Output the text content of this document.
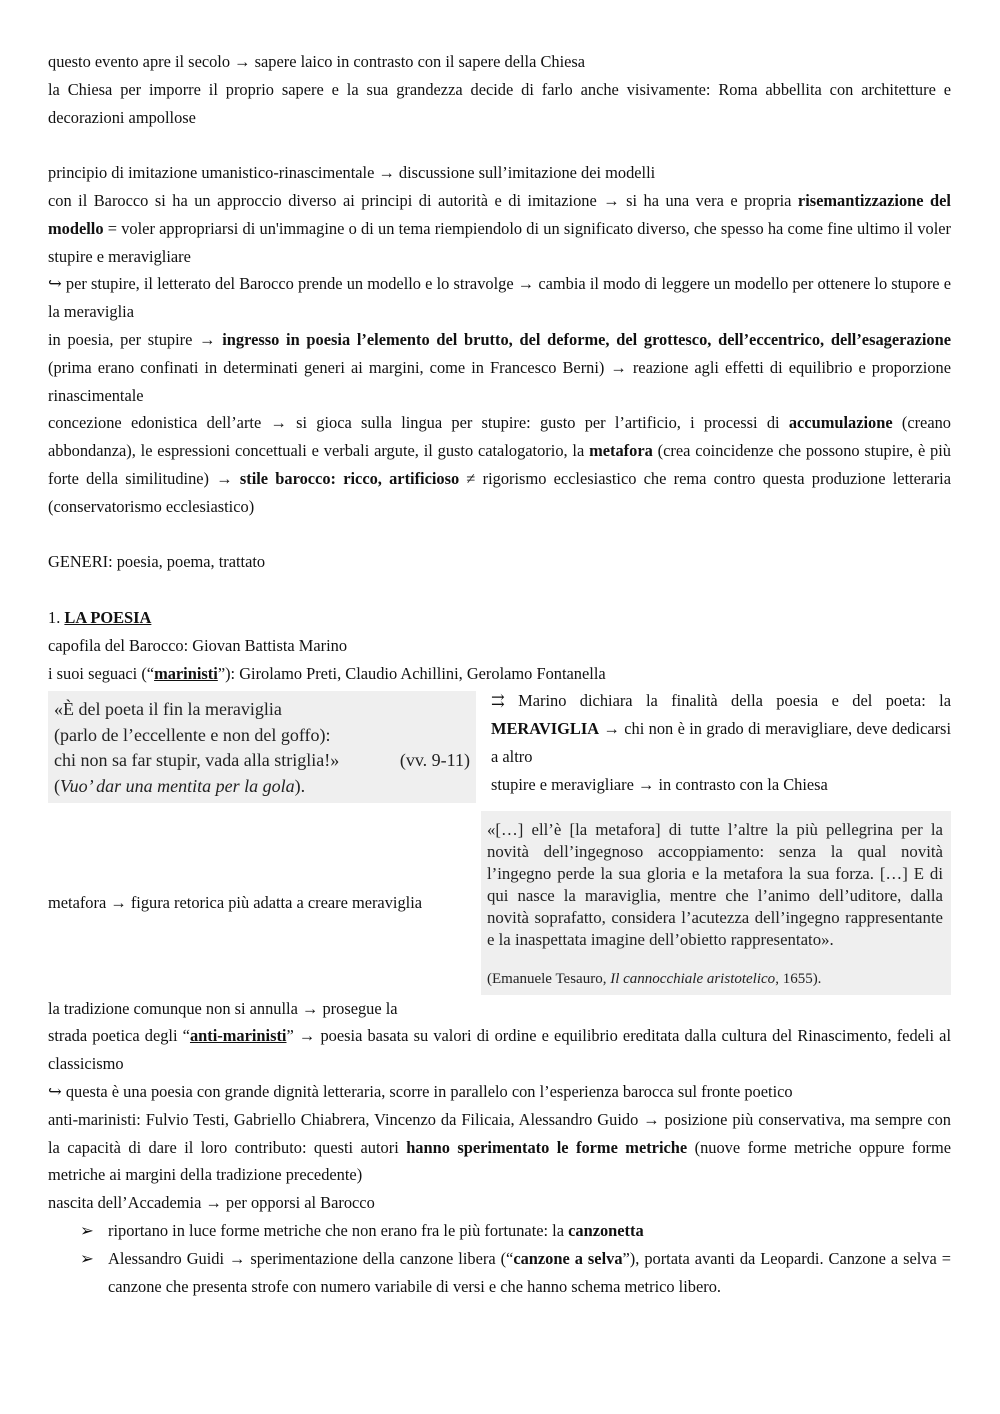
questo evento apre il secolo → sapere laico in contrasto con il sapere della Chiesa

la Chiesa per imporre il proprio sapere e la sua grandezza decide di farlo anche visivamente: Roma abbellita con architetture e decorazioni ampollose

principio di imitazione umanistico-rinascimentale → discussione sull’imitazione dei modelli

con il Barocco si ha un approccio diverso ai principi di autorità e di imitazione → si ha una vera e propria risemantizzazione del modello = voler appropriarsi di un'immagine o di un tema riempiendolo di un significato diverso, che spesso ha come fine ultimo il voler stupire e meravigliare

↪ per stupire, il letterato del Barocco prende un modello e lo stravolge → cambia il modo di leggere un modello per ottenere lo stupore e la meraviglia

in poesia, per stupire → ingresso in poesia l’elemento del brutto, del deforme, del grottesco, dell’eccentrico, dell’esagerazione (prima erano confinati in determinati generi ai margini, come in Francesco Berni) → reazione agli effetti di equilibrio e proporzione rinascimentale

concezione edonistica dell’arte → si gioca sulla lingua per stupire: gusto per l’artificio, i processi di accumulazione (creano abbondanza), le espressioni concettuali e verbali argute, il gusto catalogatorio, la metafora (crea coincidenze che possono stupire, è più forte della similitudine) → stile barocco: ricco, artificioso ≠ rigorismo ecclesiastico che rema contro questa produzione letteraria (conservatorismo ecclesiastico)

GENERI: poesia, poema, trattato

1. LA POESIA

capofila del Barocco: Giovan Battista Marino

i suoi seguaci (“marinisti”): Girolamo Preti, Claudio Achillini, Gerolamo Fontanella

«È del poeta il fin la meraviglia
(parlo de l’eccellente e non del goffo):
chi non sa far stupir, vada alla striglia!»	(vv. 9-11)
(Vuo’ dar una mentita per la gola).

⇉ Marino dichiara la finalità della poesia e del poeta: la MERAVIGLIA → chi non è in grado di meravigliare, deve dedicarsi a altro

stupire e meravigliare → in contrasto con la Chiesa

metafora → figura retorica più adatta a creare meraviglia

«[…] ell’è [la metafora] di tutte l’altre la più pellegrina per la novità dell’ingegnoso accoppiamento: senza la qual novità l’ingegno perde la sua gloria e la metafora la sua forza. […] E di qui nasce la maraviglia, mentre che l’animo dell’uditore, dalla novità soprafatto, considera l’acutezza dell’ingegno rappresentante e la inaspettata imagine dell’obietto rappresentato».
(Emanuele Tesauro, Il cannocchiale aristotelico, 1655).

la tradizione comunque non si annulla → prosegue la

strada poetica degli “anti-marinisti” → poesia basata su valori di ordine e equilibrio ereditata dalla cultura del Rinascimento, fedeli al classicismo

↪ questa è una poesia con grande dignità letteraria, scorre in parallelo con l’esperienza barocca sul fronte poetico

anti-marinisti: Fulvio Testi, Gabriello Chiabrera, Vincenzo da Filicaia, Alessandro Guido → posizione più conservativa, ma sempre con la capacità di dare il loro contributo: questi autori hanno sperimentato le forme metriche (nuove forme metriche oppure forme metriche ai margini della tradizione precedente)

nascita dell’Accademia → per opporsi al Barocco

➢ riportano in luce forme metriche che non erano fra le più fortunate: la canzonetta
➢ Alessandro Guidi → sperimentazione della canzone libera (“canzone a selva”), portata avanti da Leopardi. Canzone a selva = canzone che presenta strofe con numero variabile di versi e che hanno schema metrico libero.
